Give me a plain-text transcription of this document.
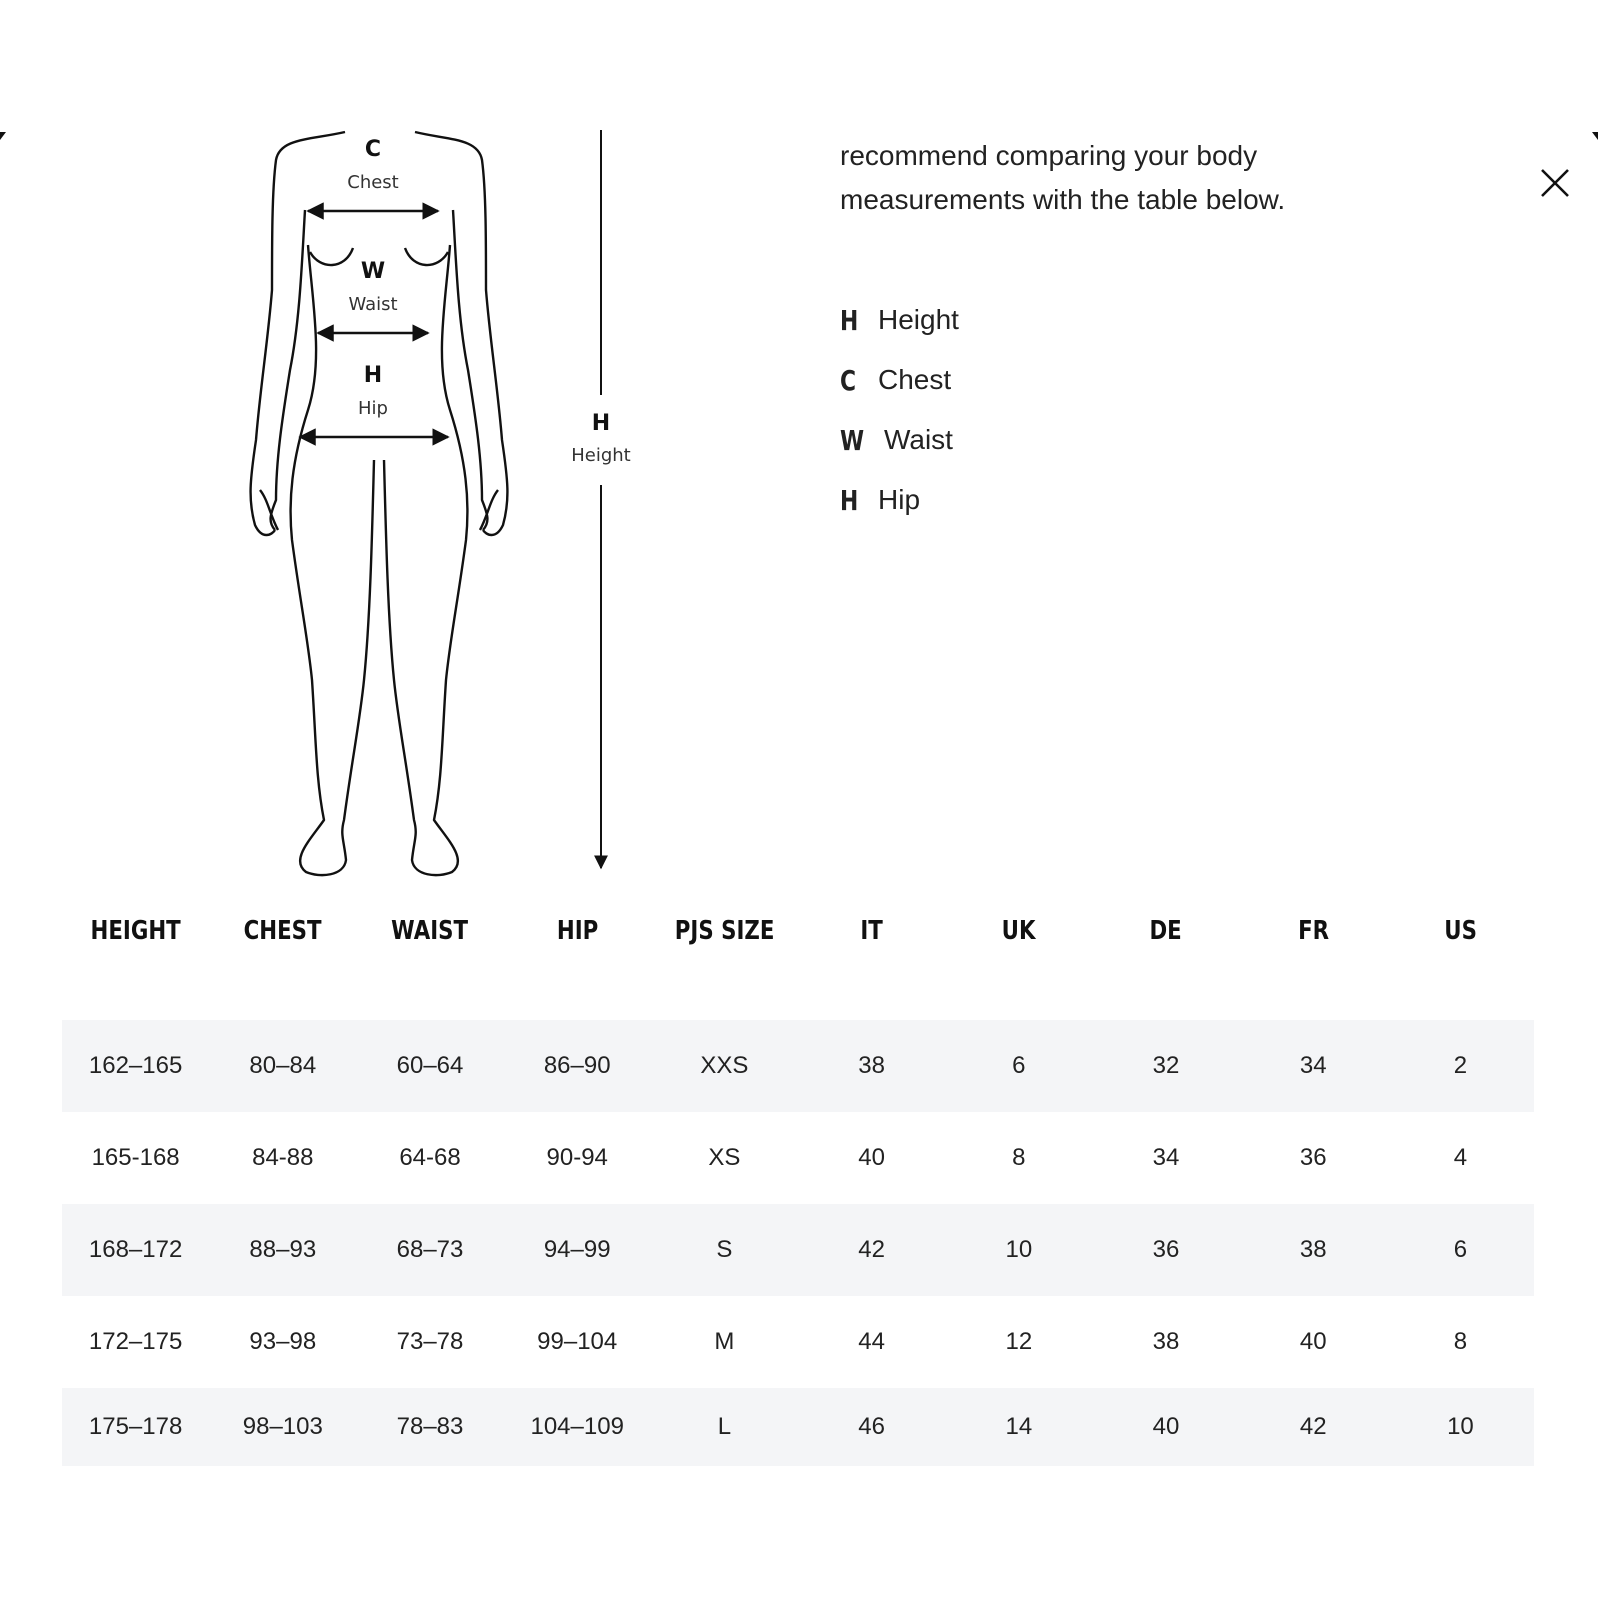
C
Chest
W
Waist
H
Hip
H
Height
recommend comparing your body measurements with the table below.
H Height
C Chest
W Waist
H Hip
HEIGHT	CHEST	WAIST	HIP	PJS SIZE	IT	UK	DE	FR	US
162–165	80–84	60–64	86–90	XXS	38	6	32	34	2
165-168	84-88	64-68	90-94	XS	40	8	34	36	4
168–172	88–93	68–73	94–99	S	42	10	36	38	6
172–175	93–98	73–78	99–104	M	44	12	38	40	8
175–178	98–103	78–83	104–109	L	46	14	40	42	10
